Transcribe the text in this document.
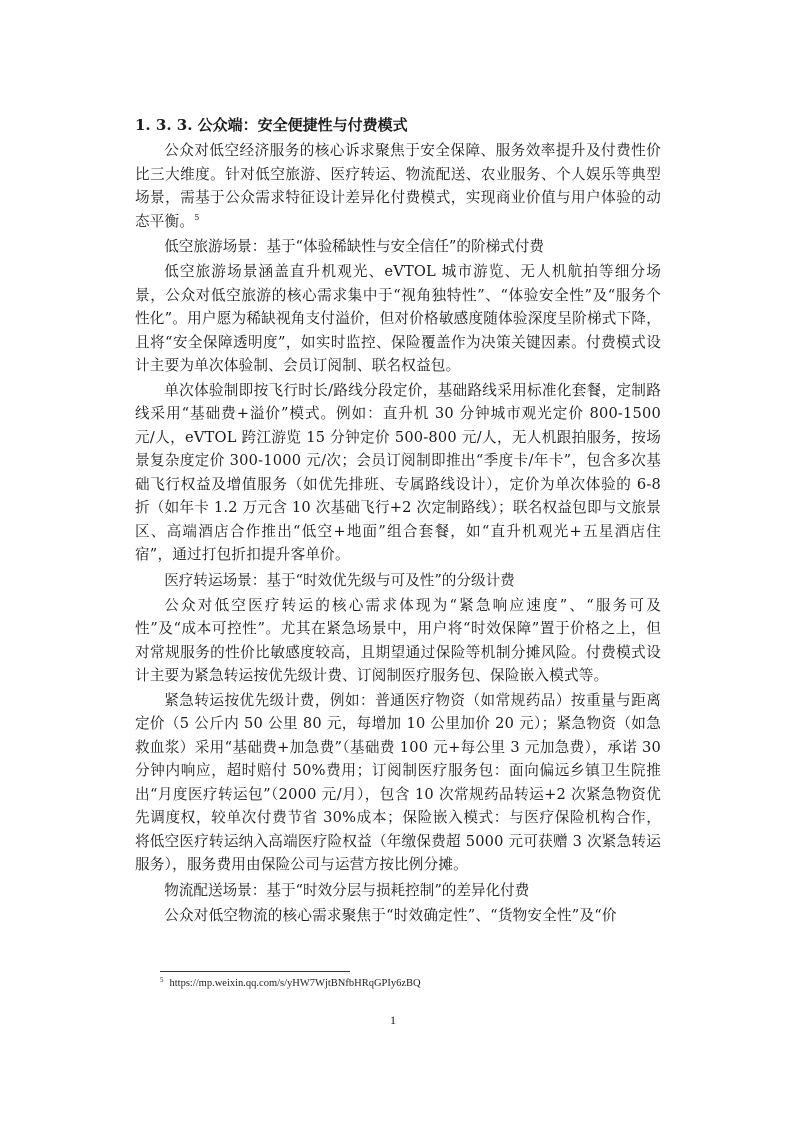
1. 3. 3. 公众端：安全便捷性与付费模式

公众对低空经济服务的核心诉求聚焦于安全保障、服务效率提升及付费性价比三大维度。针对低空旅游、医疗转运、物流配送、农业服务、个人娱乐等典型场景，需基于公众需求特征设计差异化付费模式，实现商业价值与用户体验的动态平衡。$^5$

低空旅游场景：基于“体验稀缺性与安全信任”的阶梯式付费

低空旅游场景涵盖直升机观光、eVTOL 城市游览、无人机航拍等细分场景，公众对低空旅游的核心需求集中于“视角独特性”、“体验安全性”及“服务个性化”。用户愿为稀缺视角支付溢价，但对价格敏感度随体验深度呈阶梯式下降，且将“安全保障透明度”，如实时监控、保险覆盖作为决策关键因素。付费模式设计主要为单次体验制、会员订阅制、联名权益包。

单次体验制即按飞行时长/路线分段定价，基础路线采用标准化套餐，定制路线采用“基础费+溢价”模式。例如：直升机 30 分钟城市观光定价 800-1500 元/人，eVTOL 跨江游览 15 分钟定价 500-800 元/人，无人机跟拍服务，按场景复杂度定价 300-1000 元/次；会员订阅制即推出“季度卡/年卡”，包含多次基础飞行权益及增值服务（如优先排班、专属路线设计），定价为单次体验的 6-8 折（如年卡 1.2 万元含 10 次基础飞行+2 次定制路线）；联名权益包即与文旅景区、高端酒店合作推出“低空+地面”组合套餐，如“直升机观光+五星酒店住宿”，通过打包折扣提升客单价。

医疗转运场景：基于“时效优先级与可及性”的分级计费

公众对低空医疗转运的核心需求体现为“紧急响应速度”、“服务可及性”及“成本可控性”。尤其在紧急场景中，用户将“时效保障”置于价格之上，但对常规服务的性价比敏感度较高，且期望通过保险等机制分摊风险。付费模式设计主要为紧急转运按优先级计费、订阅制医疗服务包、保险嵌入模式等。

紧急转运按优先级计费，例如：普通医疗物资（如常规药品）按重量与距离定价（5 公斤内 50 公里 80 元，每增加 10 公里加价 20 元）；紧急物资（如急救血浆）采用“基础费+加急费”（基础费 100 元+每公里 3 元加急费），承诺 30 分钟内响应，超时赔付 50%费用；订阅制医疗服务包：面向偏远乡镇卫生院推出“月度医疗转运包”（2000 元/月），包含 10 次常规药品转运+2 次紧急物资优先调度权，较单次付费节省 30%成本；保险嵌入模式：与医疗保险机构合作，将低空医疗转运纳入高端医疗险权益（年缴保费超 5000 元可获赠 3 次紧急转运服务），服务费用由保险公司与运营方按比例分摊。

物流配送场景：基于“时效分层与损耗控制”的差异化付费

公众对低空物流的核心需求聚焦于“时效确定性”、“货物安全性”及“价

$^5$ https://mp.weixin.qq.com/s/yHW7WjtBNfbHRqGPIy6zBQ
1
